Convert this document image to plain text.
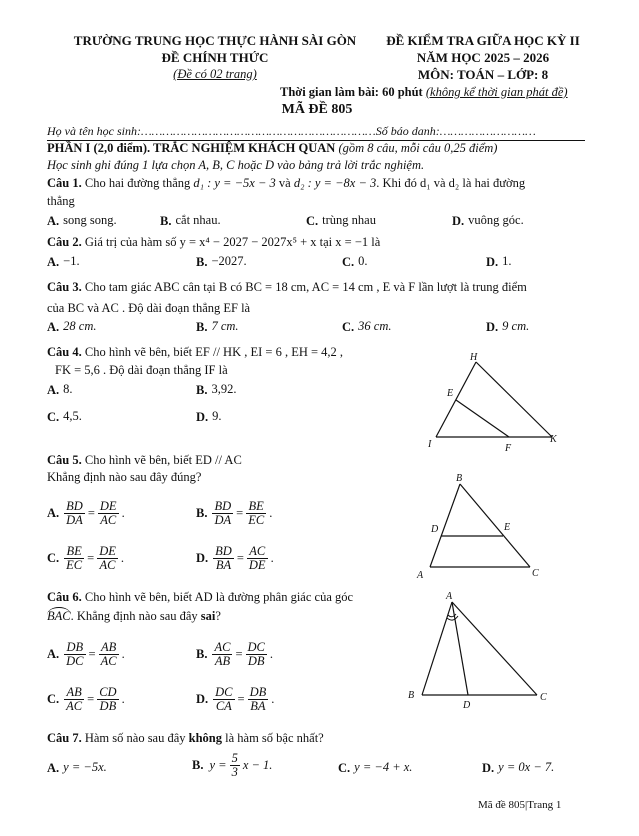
TRƯỜNG TRUNG HỌC THỰC HÀNH SÀI GÒN
ĐỀ CHÍNH THỨC
(Đề có 02 trang)
ĐỀ KIỂM TRA GIỮA HỌC KỲ II
NĂM HỌC 2025 – 2026
MÔN: TOÁN – LỚP: 8
Thời gian làm bài: 60 phút (không kể thời gian phát đề)
MÃ ĐỀ 805
Họ và tên học sinh:…………………………………………………………Số báo danh:………………………
PHẦN I (2,0 điểm). TRẮC NGHIỆM KHÁCH QUAN (gồm 8 câu, mỗi câu 0,25 điểm)
Học sinh ghi đúng 1 lựa chọn A, B, C hoặc D vào bảng trả lời trắc nghiệm.
Câu 1. Cho hai đường thẳng d₁ : y = −5x − 3 và d₂ : y = −8x − 3. Khi đó d₁ và d₂ là hai đường
thẳng
A. song song.	B. cắt nhau.	C. trùng nhau	D. vuông góc.
Câu 2. Giá trị của hàm số y = x⁴ − 2027 − 2027x⁵ + x tại x = −1 là
A. −1.	B. −2027.	C. 0.	D. 1.
Câu 3. Cho tam giác ABC cân tại B có BC = 18 cm, AC = 14 cm , E và F lần lượt là trung điểm
của BC và AC . Độ dài đoạn thẳng EF là
A. 28 cm.	B. 7 cm.	C. 36 cm.	D. 9 cm.
Câu 4. Cho hình vẽ bên, biết EF // HK , EI = 6 , EH = 4,2 ,
FK = 5,6 . Độ dài đoạn thẳng IF là
A. 8.	B. 3,92.
C. 4,5.	D. 9.
H
E
I	F
K
Câu 5. Cho hình vẽ bên, biết ED // AC
Khẳng định nào sau đây đúng?
A. $\frac{BD}{DA} = \frac{DE}{AC}$ .	B. $\frac{BD}{DA} = \frac{BE}{EC}$ .
C. $\frac{BE}{EC} = \frac{DE}{AC}$ .	D. $\frac{BD}{BA} = \frac{AC}{DE}$ .
B
D	E
A	C
Câu 6. Cho hình vẽ bên, biết AD là đường phân giác của góc
BAC. Khẳng định nào sau đây sai?
A. $\frac{DB}{DC} = \frac{AB}{AC}$ .	B. $\frac{AC}{AB} = \frac{DC}{DB}$ .
C. $\frac{AB}{AC} = \frac{CD}{DB}$ .	D. $\frac{DC}{CA} = \frac{DB}{BA}$ .
A
B
D
C
Câu 7. Hàm số nào sau đây không là hàm số bậc nhất?
A. y = −5x.	B. $y = \frac{5}{3}$ x − 1.	C. y = −4 + x.	D. y = 0x − 7.
Mã đề 805|Trang 1
